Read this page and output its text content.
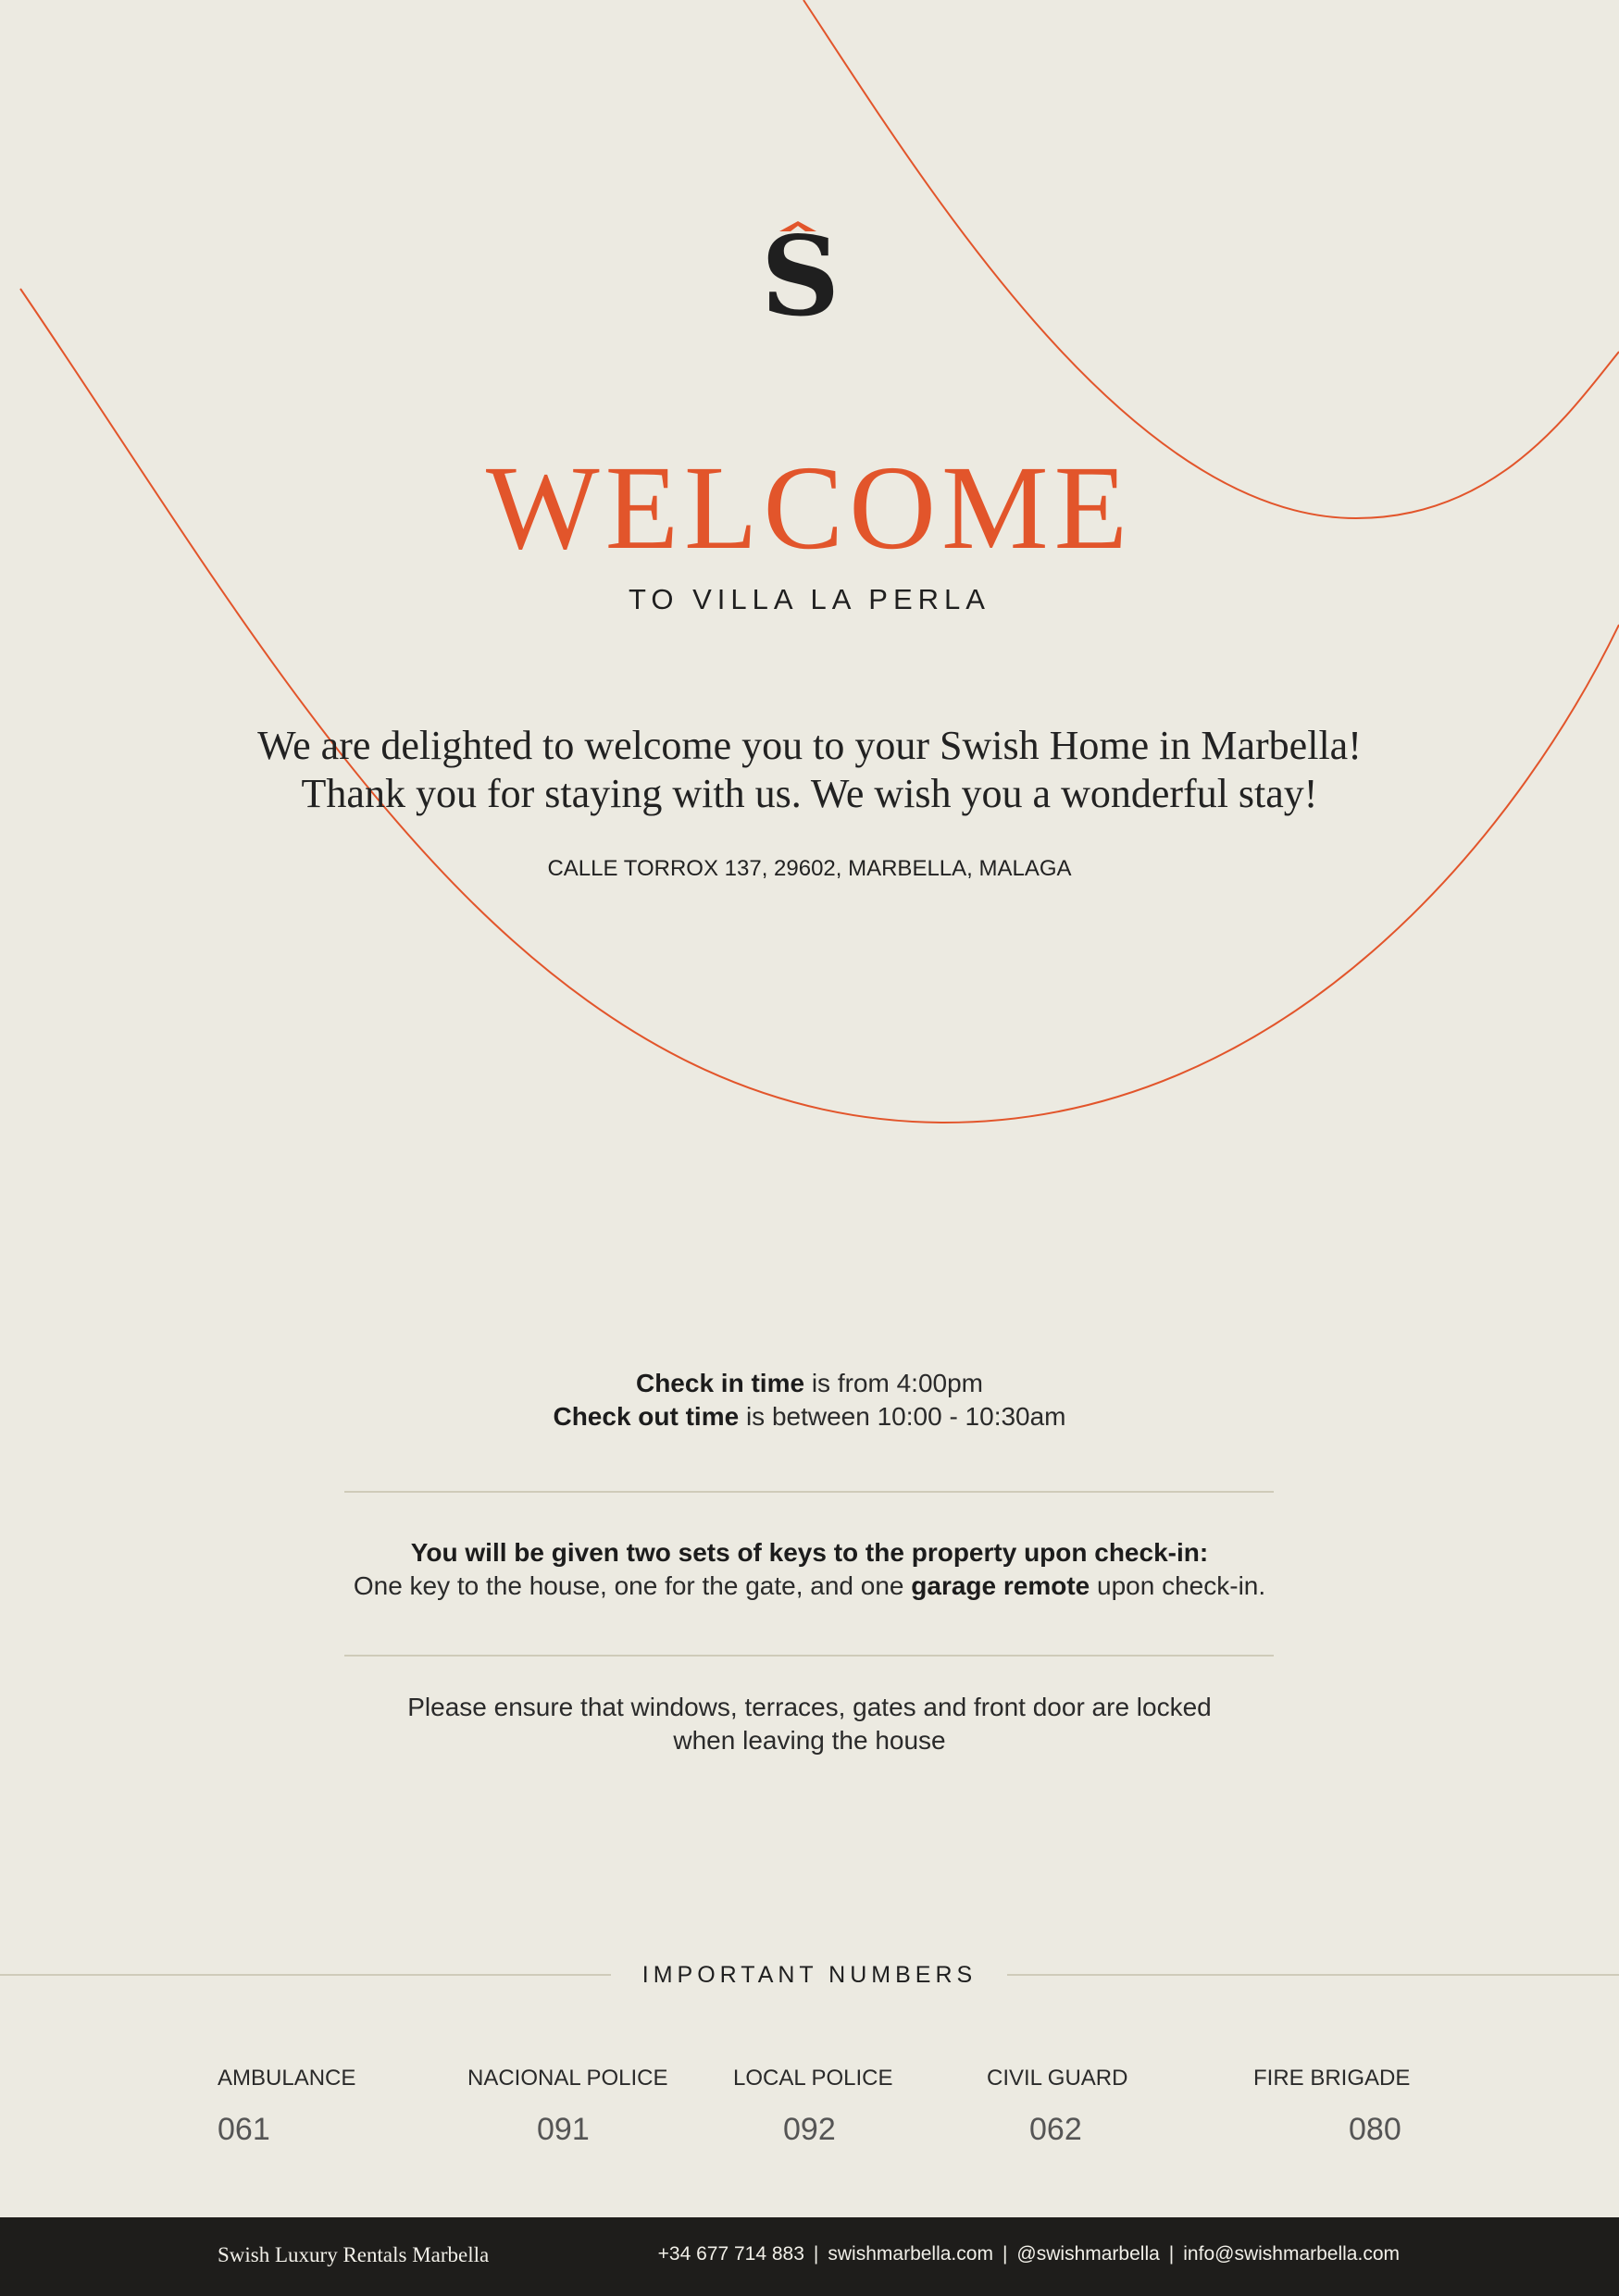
S
WELCOME
TO VILLA LA PERLA
We are delighted to welcome you to your Swish Home in Marbella!
Thank you for staying with us. We wish you a wonderful stay!
CALLE TORROX 137, 29602, MARBELLA, MALAGA
Check in time is from 4:00pm
Check out time is between 10:00 - 10:30am
You will be given two sets of keys to the property upon check-in:
One key to the house, one for the gate, and one garage remote upon check-in.
Please ensure that windows, terraces, gates and front door are locked
when leaving the house
IMPORTANT NUMBERS
AMBULANCE
061
NACIONAL POLICE
091
LOCAL POLICE
092
CIVIL GUARD
062
FIRE BRIGADE
080
Swish Luxury Rentals Marbella	+34 677 714 883 | swishmarbella.com | @swishmarbella | info@swishmarbella.com
